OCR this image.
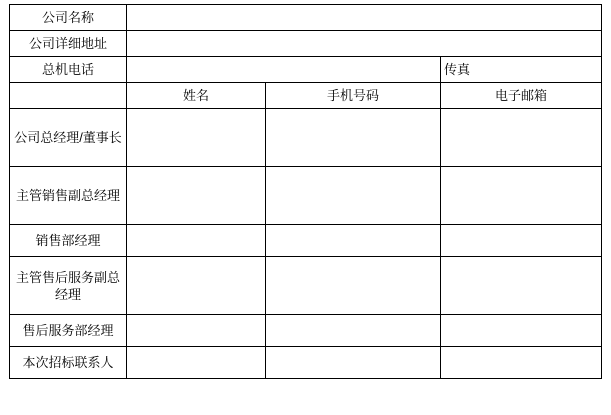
公司名称			
公司详细地址			
总机电话			传真
	姓名	手机号码	电子邮箱
公司总经理/董事长			
主管销售副总经理			
销售部经理			
主管售后服务副总经理			
售后服务部经理			
本次招标联系人			
